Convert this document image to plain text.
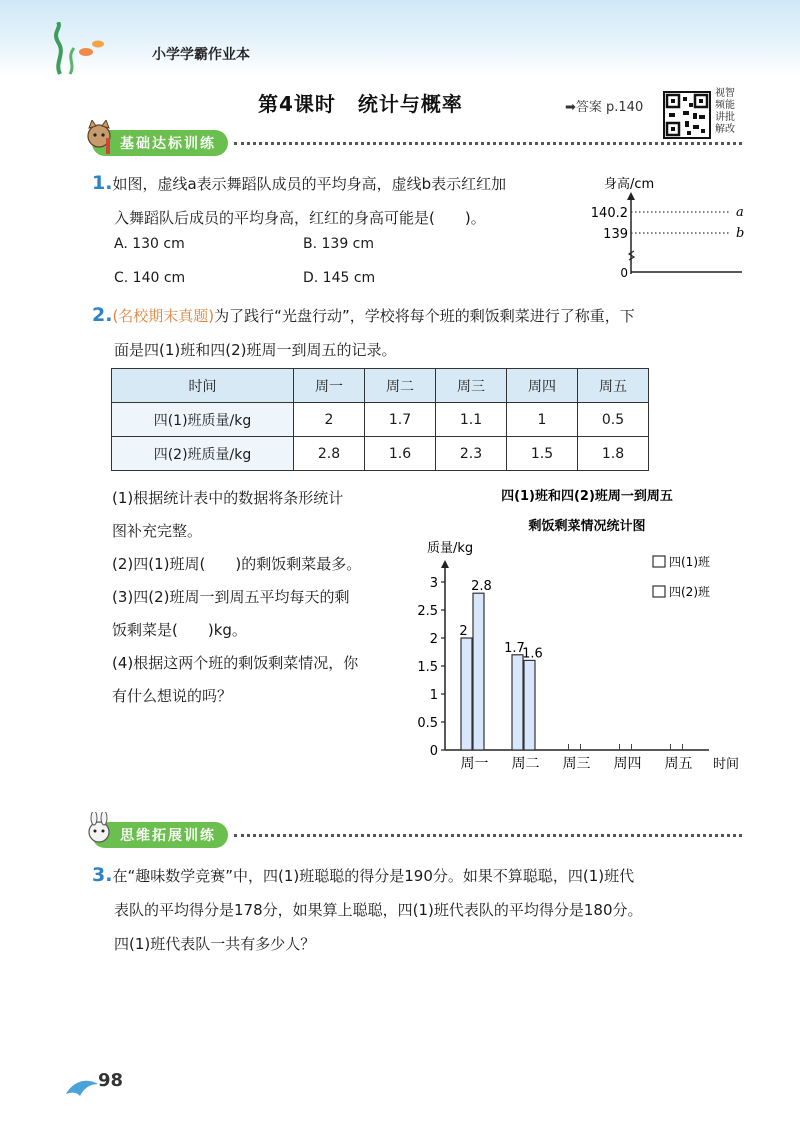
小学学霸作业本
第4课时 统计与概率	➡答案 p.140
视智
频能
讲批
解改
基础达标训练
1.如图，虚线a表示舞蹈队成员的平均身高，虚线b表示红红加
入舞蹈队后成员的平均身高，红红的身高可能是(　　)。
A. 130 cm	B. 139 cm
C. 140 cm	D. 145 cm
身高/cm
140.2
139
0
a
b
2.(名校期末真题)为了践行“光盘行动”，学校将每个班的剩饭剩菜进行了称重，下
面是四(1)班和四(2)班周一到周五的记录。
时间	周一	周二	周三	周四	周五
四(1)班质量/kg	2	1.7	1.1	1	0.5
四(2)班质量/kg	2.8	1.6	2.3	1.5	1.8
(1)根据统计表中的数据将条形统计
图补充完整。
(2)四(1)班周(　　)的剩饭剩菜最多。
(3)四(2)班周一到周五平均每天的剩
饭剩菜是(　　)kg。
(4)根据这两个班的剩饭剩菜情况，你
有什么想说的吗？
四(1)班和四(2)班周一到周五
剩饭剩菜情况统计图
质量/kg
时间
四(1)班
四(2)班
0
0.5
1
1.5
2
2.5
3
2
2.8
1.7
1.6
周一 周二 周三 周四 周五
思维拓展训练
3.在“趣味数学竞赛”中，四(1)班聪聪的得分是190分。如果不算聪聪，四(1)班代
表队的平均得分是178分，如果算上聪聪，四(1)班代表队的平均得分是180分。
四(1)班代表队一共有多少人？
98
